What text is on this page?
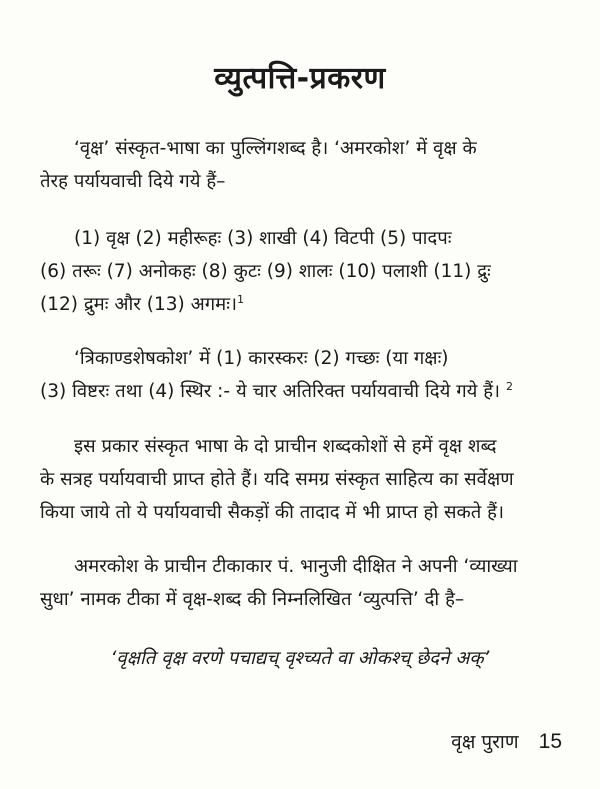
व्युत्पत्ति-प्रकरण

‘वृक्ष’ संस्कृत-भाषा का पुल्लिंगशब्द है। ‘अमरकोश’ में वृक्ष के
तेरह पर्यायवाची दिये गये हैं–

(1) वृक्ष (2) महीरूहः (3) शाखी (4) विटपी (5) पादपः
(6) तरूः (7) अनोकहः (8) कुटः (9) शालः (10) पलाशी (11) द्रुः
(12) द्रुमः और (13) अगमः।$^1$

‘त्रिकाण्डशेषकोश’ में (1) कारस्करः (2) गच्छः (या गक्षः)
(3) विष्टरः तथा (4) स्थिर :- ये चार अतिरिक्त पर्यायवाची दिये गये हैं। $^2$

इस प्रकार संस्कृत भाषा के दो प्राचीन शब्दकोशों से हमें वृक्ष शब्द
के सत्रह पर्यायवाची प्राप्त होते हैं। यदि समग्र संस्कृत साहित्य का सर्वेक्षण
किया जाये तो ये पर्यायवाची सैकड़ों की तादाद में भी प्राप्त हो सकते हैं।

अमरकोश के प्राचीन टीकाकार पं. भानुजी दीक्षित ने अपनी ‘व्याख्या
सुधा’ नामक टीका में वृक्ष-शब्द की निम्नलिखित ‘व्युत्पत्ति’ दी है–

‘वृक्षति वृक्ष वरणे पचाद्यच् वृश्च्यते वा ओकश्च् छेदने अक्’
वृक्ष पुराण 15
